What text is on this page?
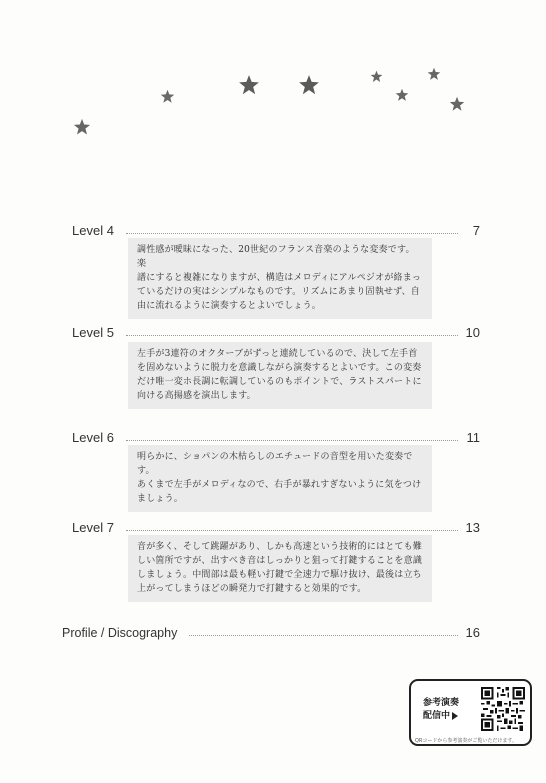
Level 4	7
調性感が曖昧になった、20世紀のフランス音楽のような変奏です。楽
譜にすると複雑になりますが、構造はメロディにアルペジオが絡まっ
ているだけの実はシンプルなものです。リズムにあまり固執せず、自
由に流れるように演奏するとよいでしょう。
Level 5	10
左手が3連符のオクターブがずっと連続しているので、決して左手首
を固めないように脱力を意識しながら演奏するとよいです。この変奏
だけ唯一変ホ長調に転調しているのもポイントで、ラストスパートに
向ける高揚感を演出します。
Level 6	11
明らかに、ショパンの木枯らしのエチュードの音型を用いた変奏です。
あくまで左手がメロディなので、右手が暴れすぎないように気をつけ
ましょう。
Level 7	13
音が多く、そして跳躍があり、しかも高速という技術的にはとても難
しい箇所ですが、出すべき音はしっかりと狙って打鍵することを意識
しましょう。中間部は最も軽い打鍵で全速力で駆け抜け、最後は立ち
上がってしまうほどの瞬発力で打鍵すると効果的です。
Profile / Discography	16
参考演奏
配信中
QRコードから参考演奏がご覧いただけます。
